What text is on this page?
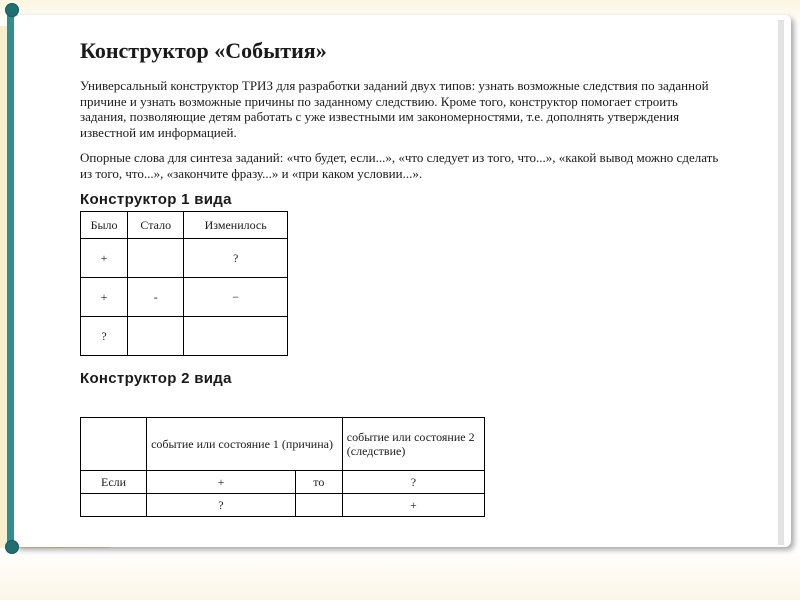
Конструктор «События»

Универсальный конструктор ТРИЗ для разработки заданий двух типов: узнать возможные следствия по заданной причине и узнать возможные причины по заданному следствию. Кроме того, конструктор помогает строить задания, позволяющие детям работать с уже известными им закономерностями, т.е. дополнять утверждения известной им информацией.

Опорные слова для синтеза заданий: «что будет, если...», «что следует из того, что...», «какой вывод можно сделать из того, что...», «закончите фразу...» и «при каком условии...».

Конструктор 1 вида
Было	Стало	Изменилось
+		?
+	-	−
?		
Конструктор 2 вида
	событие или состояние 1 (причина)		событие или состояние 2 (следствие)
Если	+	то	?
	?		+
